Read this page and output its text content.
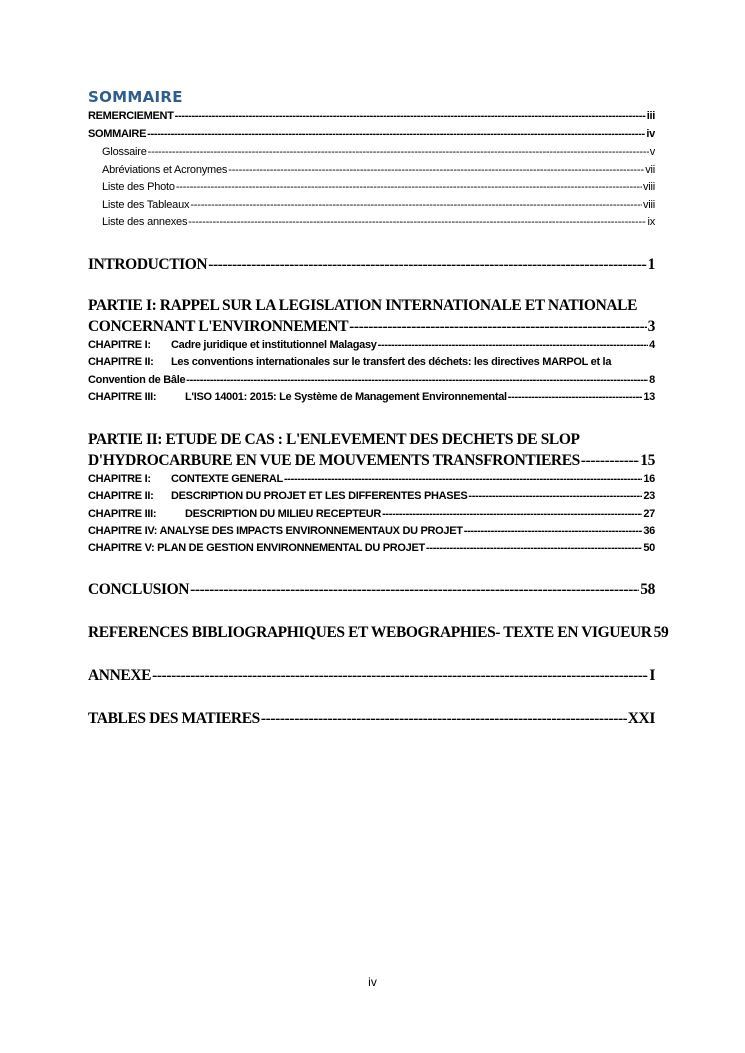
SOMMAIRE
REMERCIEMENT -----	iii
SOMMAIRE -----	iv
Glossaire -----	v
Abréviations et Acronymes -----	vii
Liste des Photo -----	viii
Liste des Tableaux -----	viii
Liste des annexes -----	ix
INTRODUCTION -----	1
PARTIE I: RAPPEL SUR LA LEGISLATION INTERNATIONALE ET NATIONALE
CONCERNANT L'ENVIRONNEMENT -----	3
CHAPITRE I: Cadre juridique et institutionnel Malagasy -----	4
CHAPITRE II: Les conventions internationales sur le transfert des déchets: les directives MARPOL et la
Convention de Bâle -----	8
CHAPITRE III:	L'ISO 14001: 2015: Le Système de Management Environnemental -----	13
PARTIE II: ETUDE DE CAS : L'ENLEVEMENT DES DECHETS DE SLOP
D'HYDROCARBURE EN VUE DE MOUVEMENTS TRANSFRONTIERES -----	15
CHAPITRE I: CONTEXTE GENERAL -----	16
CHAPITRE II: DESCRIPTION DU PROJET ET LES DIFFERENTES PHASES -----	23
CHAPITRE III:	DESCRIPTION DU MILIEU RECEPTEUR -----	27
CHAPITRE IV: ANALYSE DES IMPACTS ENVIRONNEMENTAUX DU PROJET -----	36
CHAPITRE V: PLAN DE GESTION ENVIRONNEMENTAL DU PROJET -----	50
CONCLUSION -----	58
REFERENCES BIBLIOGRAPHIQUES ET WEBOGRAPHIES- TEXTE EN VIGUEUR 59
ANNEXE -----	I
TABLES DES MATIERES -----	XXI
iv
